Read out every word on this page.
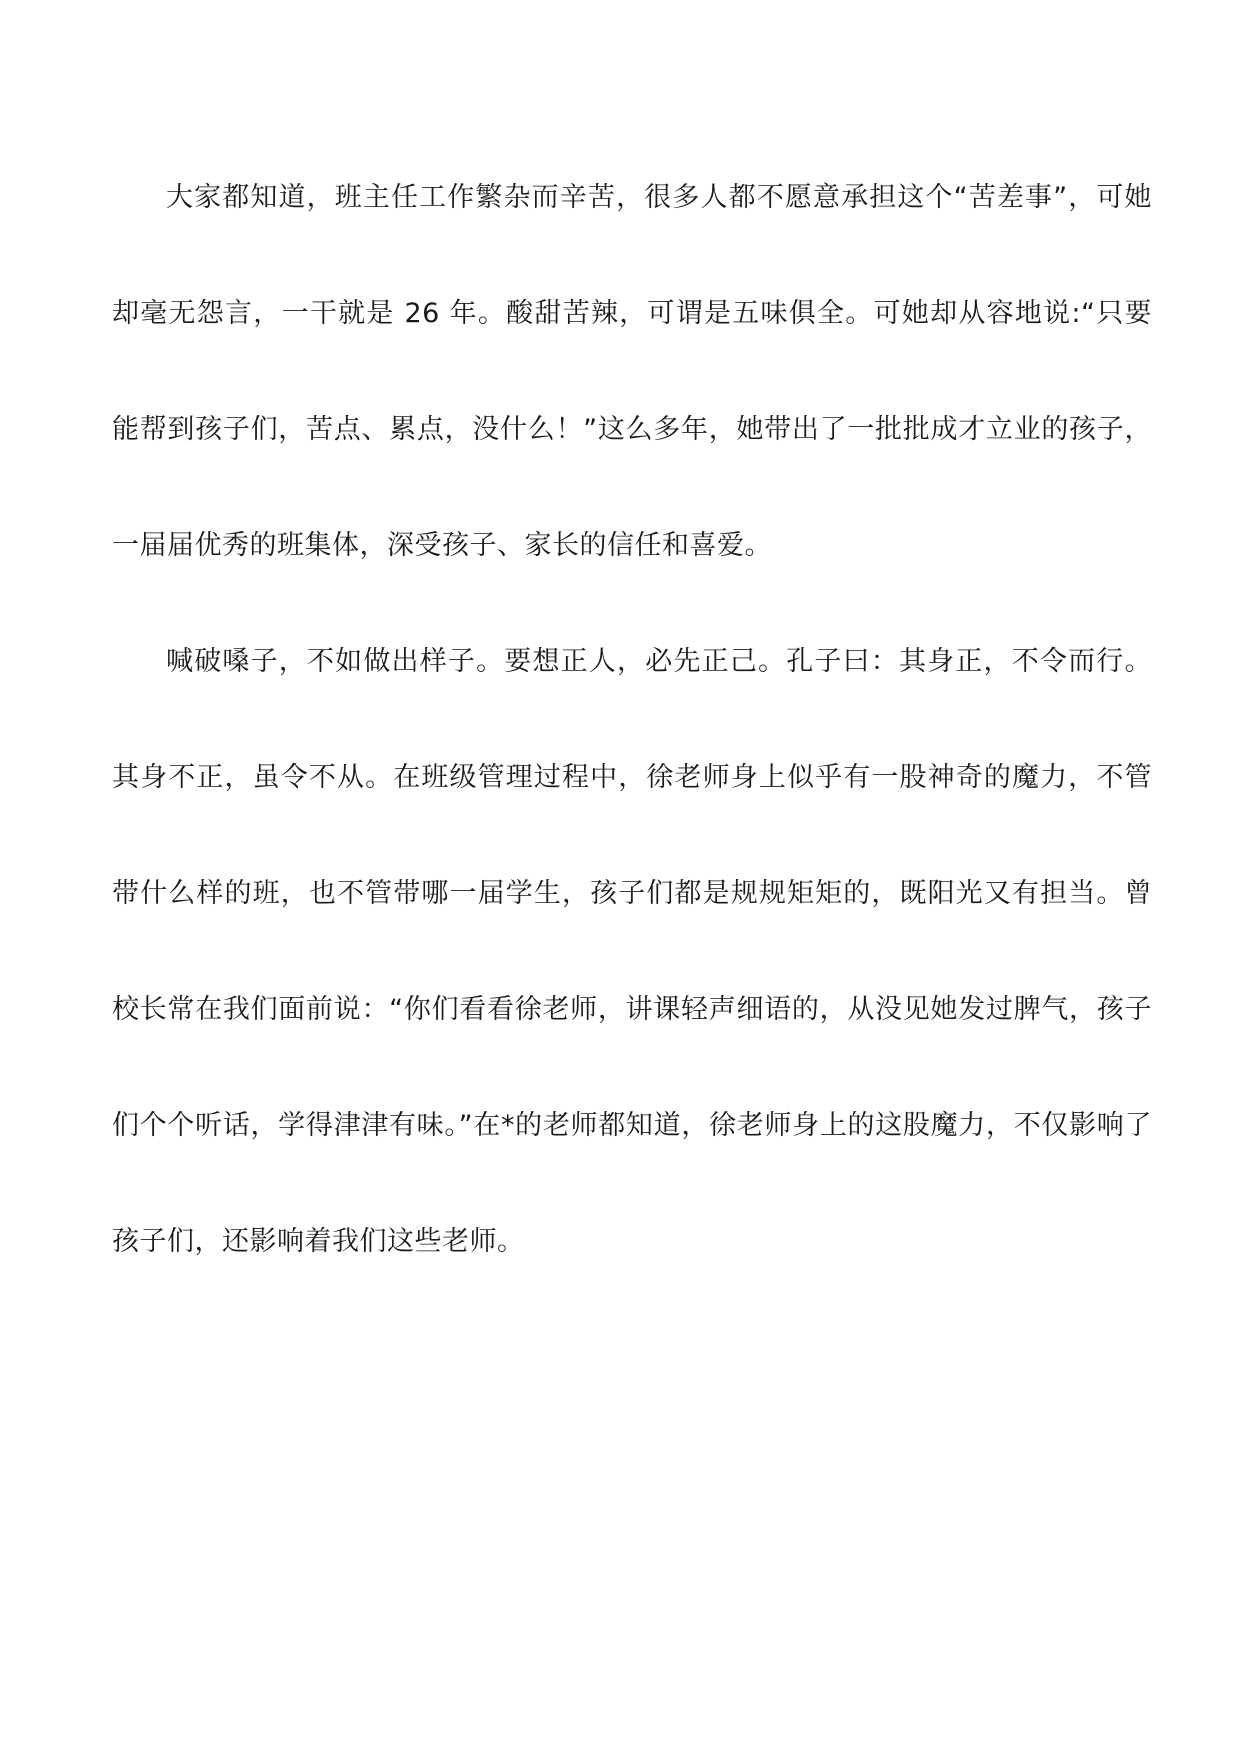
大家都知道，班主任工作繁杂而辛苦，很多人都不愿意承担这个“苦差事”，可她却毫无怨言，一干就是 26 年。酸甜苦辣，可谓是五味俱全。可她却从容地说:“只要能帮到孩子们，苦点、累点，没什么！”这么多年，她带出了一批批成才立业的孩子，一届届优秀的班集体，深受孩子、家长的信任和喜爱。

喊破嗓子，不如做出样子。要想正人，必先正己。孔子曰：其身正，不令而行。其身不正，虽令不从。在班级管理过程中，徐老师身上似乎有一股神奇的魔力，不管带什么样的班，也不管带哪一届学生，孩子们都是规规矩矩的，既阳光又有担当。曾校长常在我们面前说：“你们看看徐老师，讲课轻声细语的，从没见她发过脾气，孩子们个个听话，学得津津有味。”在*的老师都知道，徐老师身上的这股魔力，不仅影响了孩子们，还影响着我们这些老师。
